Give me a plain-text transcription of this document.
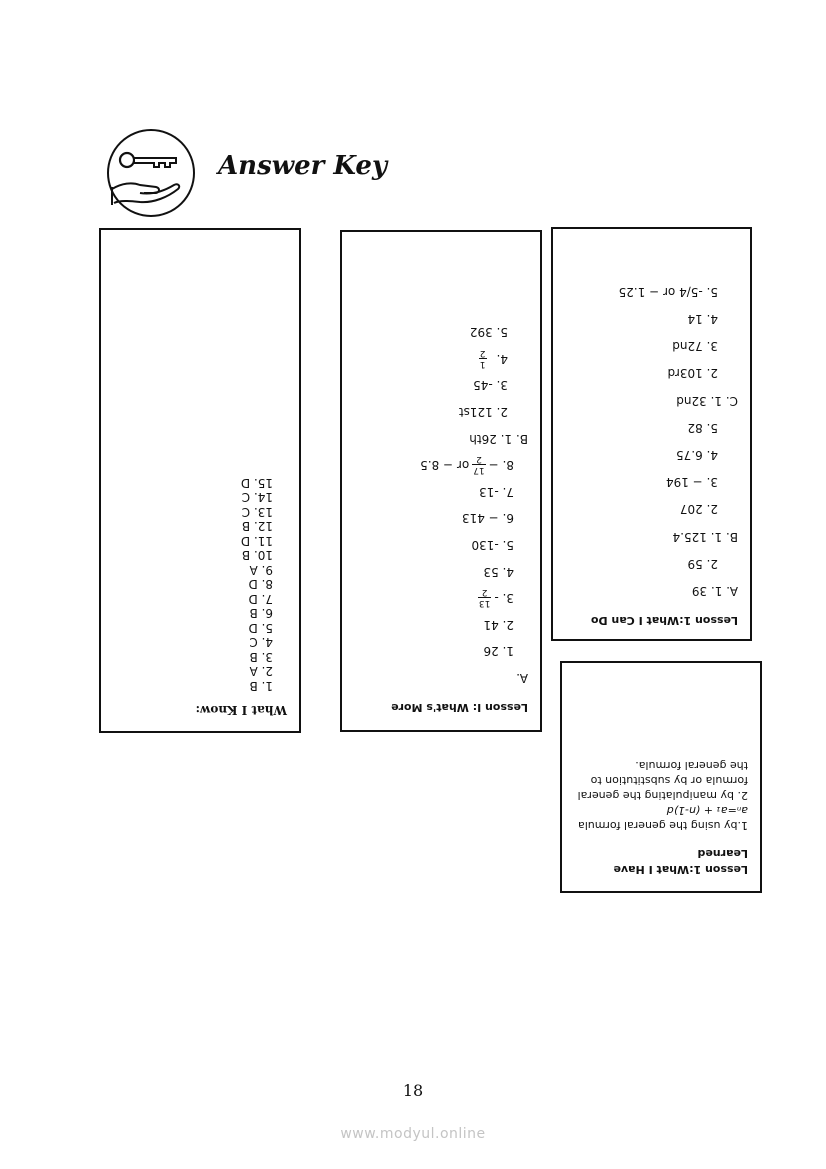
Answer Key
What I Know:
1. B
2. A
3. B
4. C
5. D
6. B
7. D
8. D
9. A
10. B
11. D
12. B
13. C
14. C
15. D
Lesson I: What's More
A.
1. 26
2. 41
3. -
13
2
4. 53
5. -130
6. − 413
7. -13
8. −
17
2
or − 8.5
B. 1. 26th
2. 121st
3. -45
4.
1
2
5. 392
Lesson 1:What I Can Do
A. 1. 39
2. 59
B. 1. 125.4
2. 207
3. − 194
4. 6.75
5. 82
C. 1. 32nd
2. 103rd
3. 72nd
4. 14
5. -5/4 or − 1.25
Lesson 1:What I Have Learned
1.by using the general formula
aₙ=a₁ + (n-1)d
2. by manipulating the general formula or by substitution to the general formula.
18
www.modyul.online
